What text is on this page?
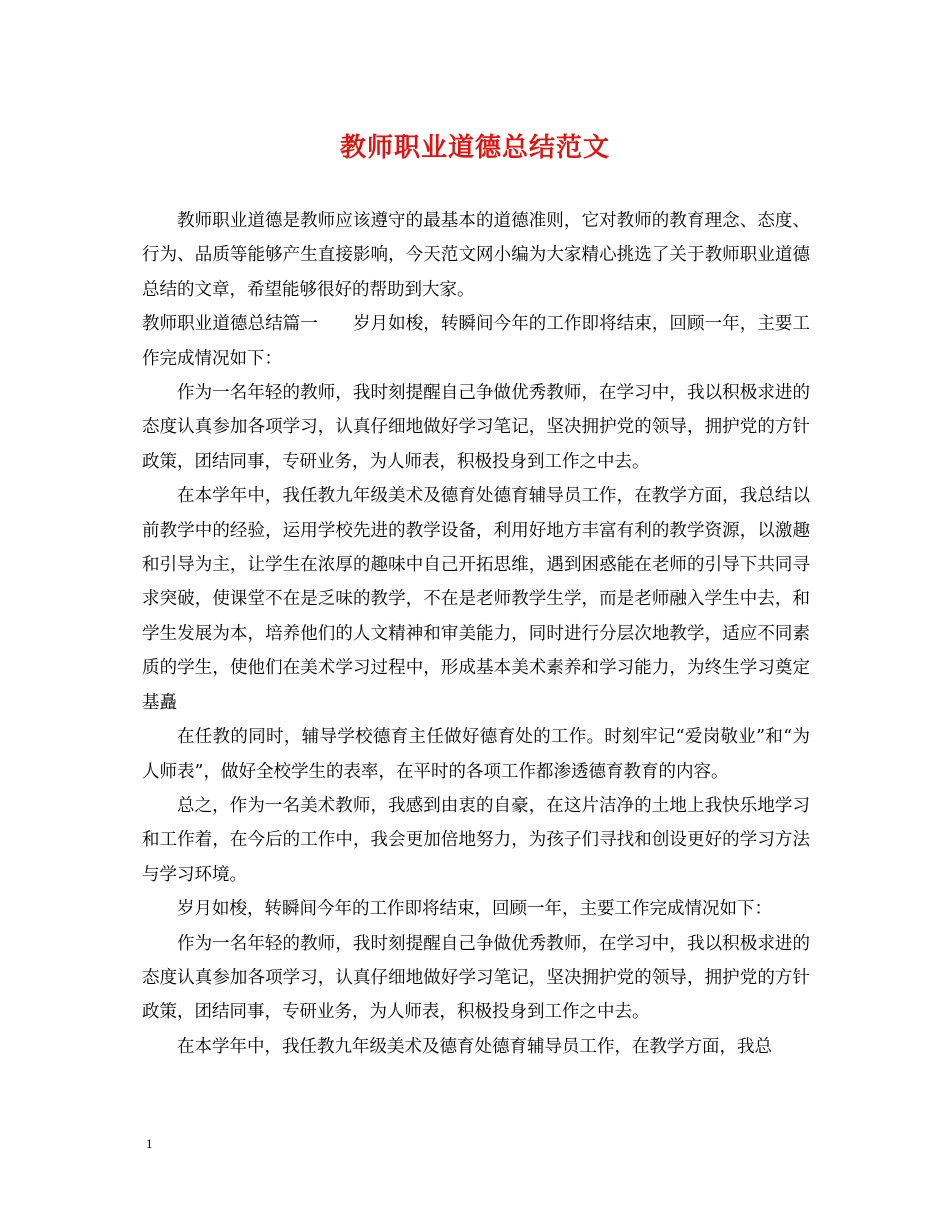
教师职业道德总结范文

教师职业道德是教师应该遵守的最基本的道德准则，它对教师的教育理念、态度、行为、品质等能够产生直接影响，今天范文网小编为大家精心挑选了关于教师职业道德总结的文章，希望能够很好的帮助到大家。

教师职业道德总结篇一　　岁月如梭，转瞬间今年的工作即将结束，回顾一年，主要工作完成情况如下：

作为一名年轻的教师，我时刻提醒自己争做优秀教师，在学习中，我以积极求进的态度认真参加各项学习，认真仔细地做好学习笔记，坚决拥护党的领导，拥护党的方针政策，团结同事，专研业务，为人师表，积极投身到工作之中去。

在本学年中，我任教九年级美术及德育处德育辅导员工作，在教学方面，我总结以前教学中的经验，运用学校先进的教学设备，利用好地方丰富有利的教学资源，以激趣和引导为主，让学生在浓厚的趣味中自己开拓思维，遇到困惑能在老师的引导下共同寻求突破，使课堂不在是乏味的教学，不在是老师教学生学，而是老师融入学生中去，和学生发展为本，培养他们的人文精神和审美能力，同时进行分层次地教学，适应不同素质的学生，使他们在美术学习过程中，形成基本美术素养和学习能力，为终生学习奠定基矗

在任教的同时，辅导学校德育主任做好德育处的工作。时刻牢记“爱岗敬业”和“为人师表”，做好全校学生的表率，在平时的各项工作都渗透德育教育的内容。

总之，作为一名美术教师，我感到由衷的自豪，在这片洁净的土地上我快乐地学习和工作着，在今后的工作中，我会更加倍地努力，为孩子们寻找和创设更好的学习方法与学习环境。

岁月如梭，转瞬间今年的工作即将结束，回顾一年，主要工作完成情况如下：

作为一名年轻的教师，我时刻提醒自己争做优秀教师，在学习中，我以积极求进的态度认真参加各项学习，认真仔细地做好学习笔记，坚决拥护党的领导，拥护党的方针政策，团结同事，专研业务，为人师表，积极投身到工作之中去。

在本学年中，我任教九年级美术及德育处德育辅导员工作，在教学方面，我总

1
